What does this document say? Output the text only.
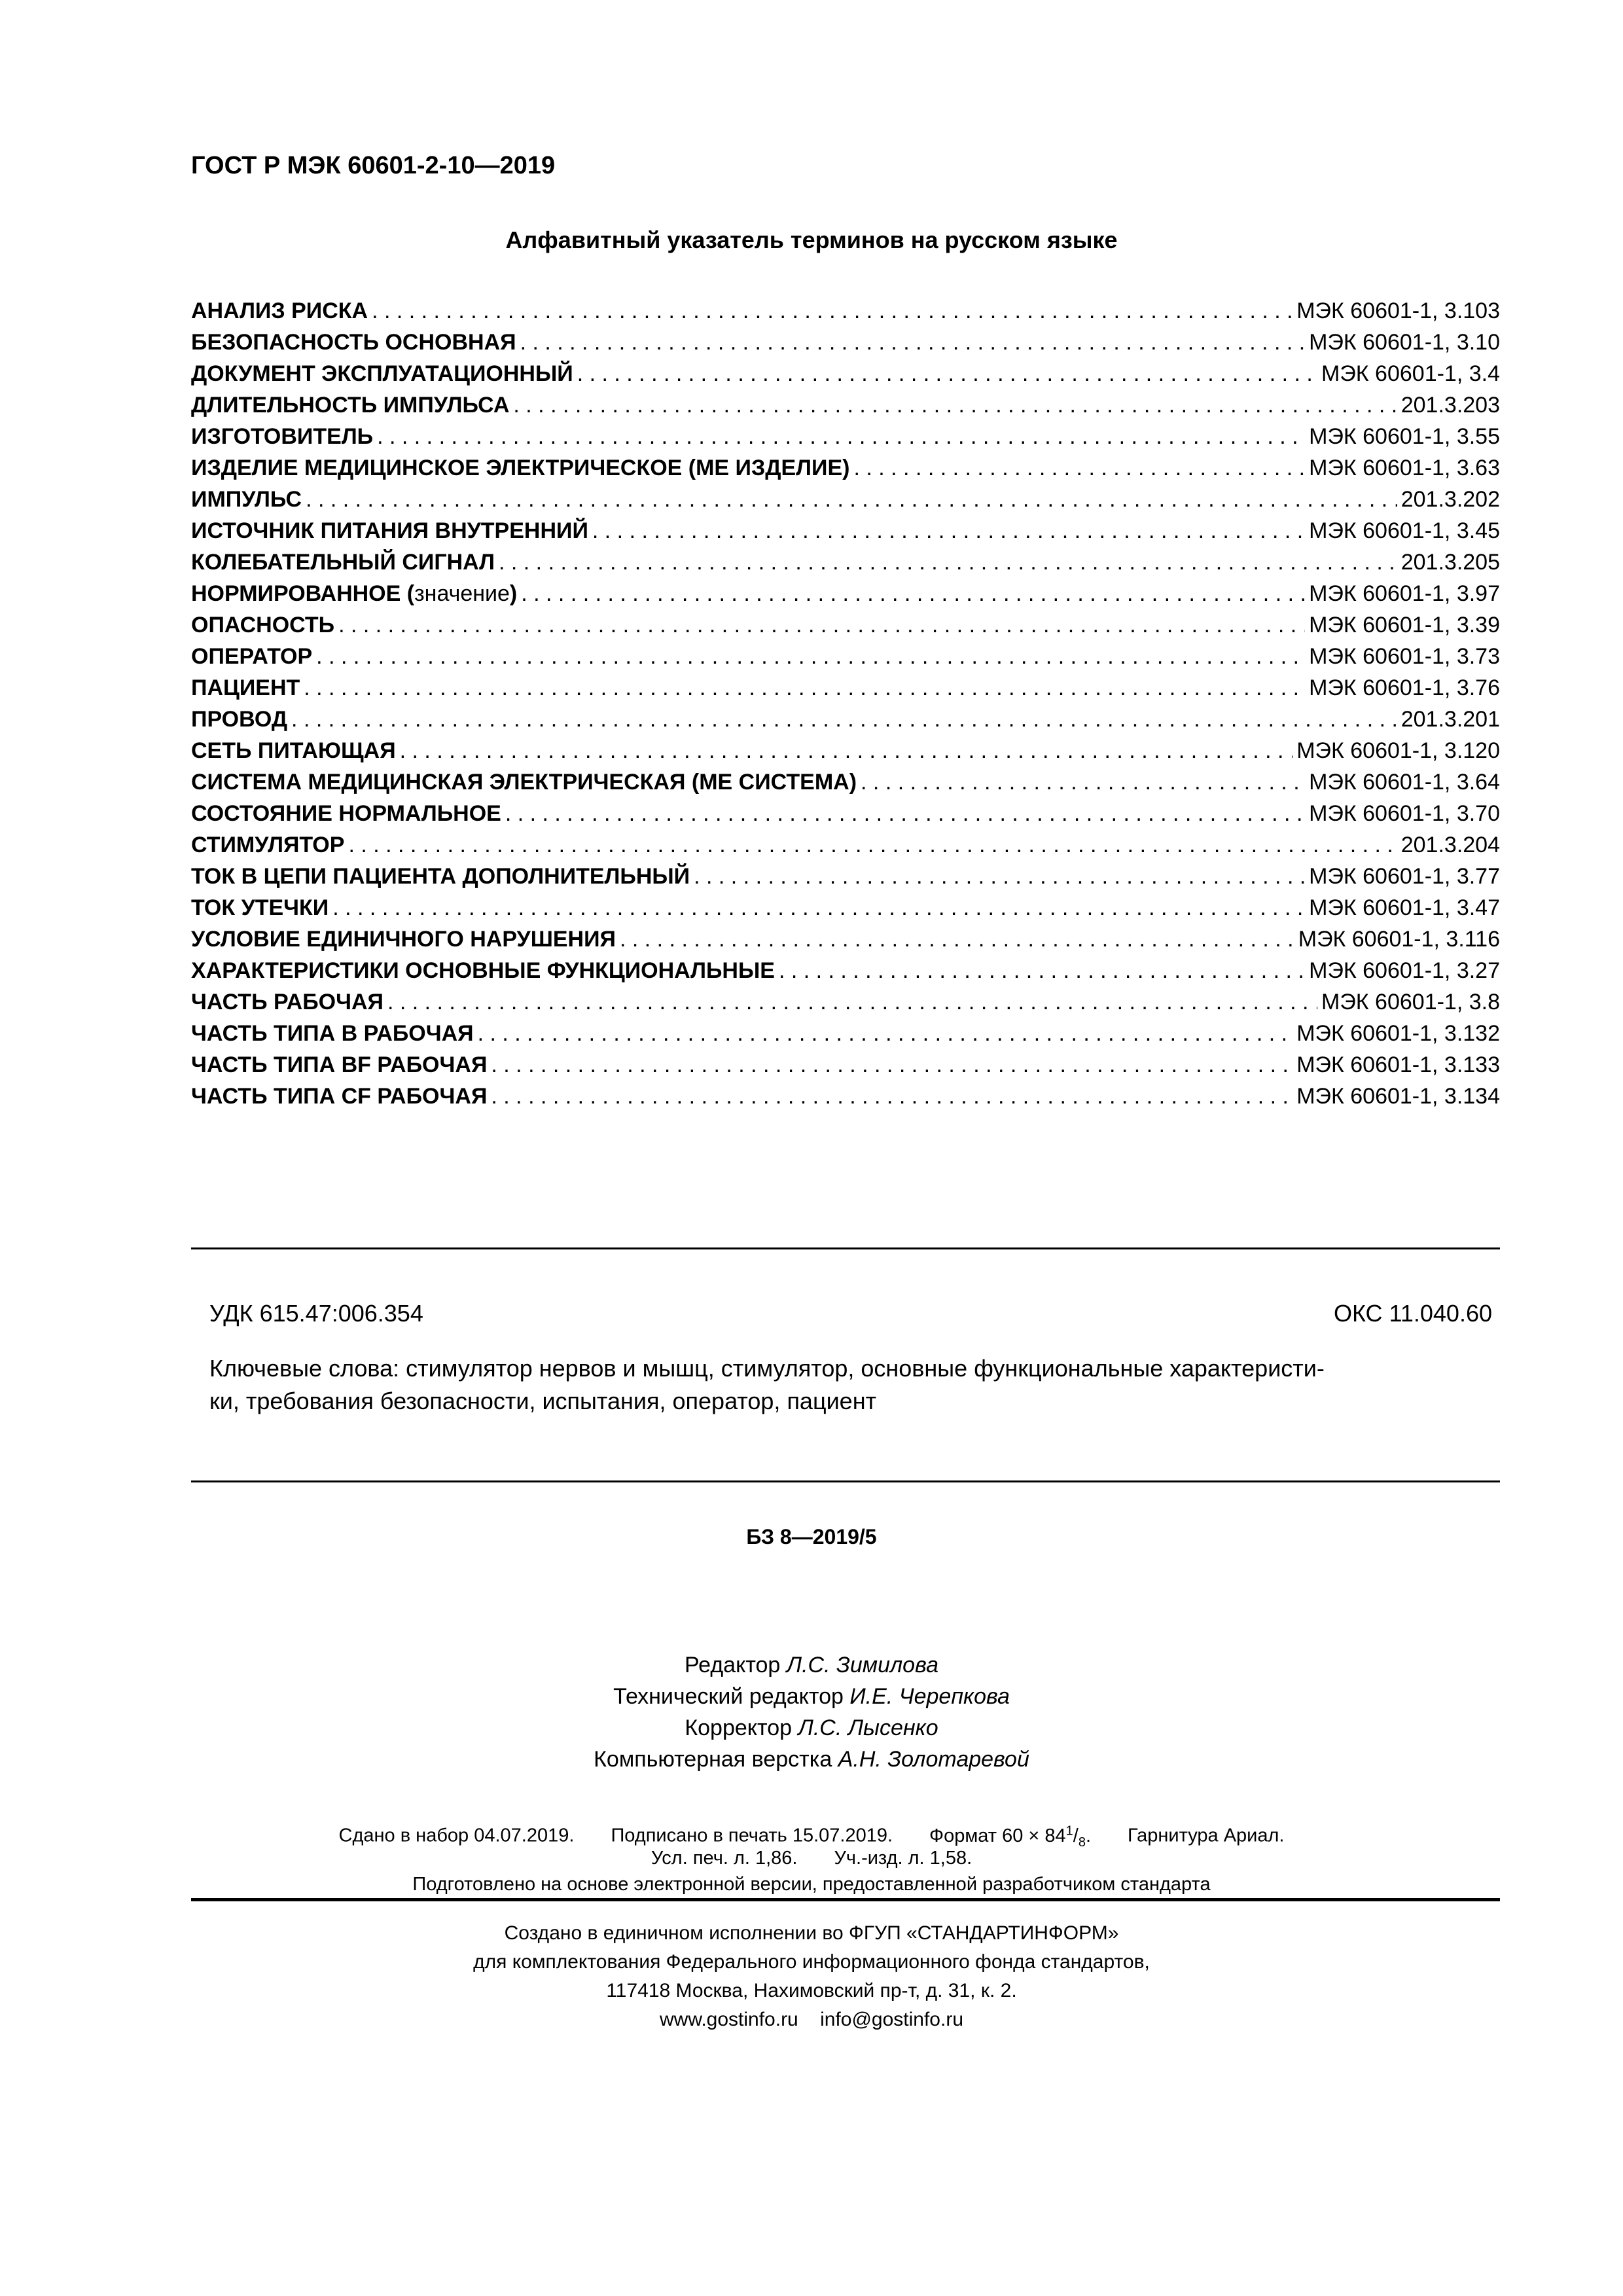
ГОСТ Р МЭК 60601-2-10—2019
Алфавитный указатель терминов на русском языке
АНАЛИЗ РИСКА . . .	МЭК 60601-1, 3.103
БЕЗОПАСНОСТЬ ОСНОВНАЯ . . .	МЭК 60601-1, 3.10
ДОКУМЕНТ ЭКСПЛУАТАЦИОННЫЙ . . .	МЭК 60601-1, 3.4
ДЛИТЕЛЬНОСТЬ ИМПУЛЬСА . . .	201.3.203
ИЗГОТОВИТЕЛЬ . . .	МЭК 60601-1, 3.55
ИЗДЕЛИЕ МЕДИЦИНСКОЕ ЭЛЕКТРИЧЕСКОЕ (МЕ ИЗДЕЛИЕ) . . .	МЭК 60601-1, 3.63
ИМПУЛЬС . . .	201.3.202
ИСТОЧНИК ПИТАНИЯ ВНУТРЕННИЙ . . .	МЭК 60601-1, 3.45
КОЛЕБАТЕЛЬНЫЙ СИГНАЛ . . .	201.3.205
НОРМИРОВАННОЕ (значение) . . .	МЭК 60601-1, 3.97
ОПАСНОСТЬ . . .	МЭК 60601-1, 3.39
ОПЕРАТОР . . .	МЭК 60601-1, 3.73
ПАЦИЕНТ . . .	МЭК 60601-1, 3.76
ПРОВОД . . .	201.3.201
СЕТЬ ПИТАЮЩАЯ . . .	МЭК 60601-1, 3.120
СИСТЕМА МЕДИЦИНСКАЯ ЭЛЕКТРИЧЕСКАЯ (МЕ СИСТЕМА) . . .	МЭК 60601-1, 3.64
СОСТОЯНИЕ НОРМАЛЬНОЕ . . .	МЭК 60601-1, 3.70
СТИМУЛЯТОР . . .	201.3.204
ТОК В ЦЕПИ ПАЦИЕНТА ДОПОЛНИТЕЛЬНЫЙ . . .	МЭК 60601-1, 3.77
ТОК УТЕЧКИ . . .	МЭК 60601-1, 3.47
УСЛОВИЕ ЕДИНИЧНОГО НАРУШЕНИЯ . . .	МЭК 60601-1, 3.116
ХАРАКТЕРИСТИКИ ОСНОВНЫЕ ФУНКЦИОНАЛЬНЫЕ . . .	МЭК 60601-1, 3.27
ЧАСТЬ РАБОЧАЯ . . .	МЭК 60601-1, 3.8
ЧАСТЬ ТИПА В РАБОЧАЯ . . .	МЭК 60601-1, 3.132
ЧАСТЬ ТИПА BF РАБОЧАЯ . . .	МЭК 60601-1, 3.133
ЧАСТЬ ТИПА CF РАБОЧАЯ . . .	МЭК 60601-1, 3.134
УДК 615.47:006.354	ОКС 11.040.60
Ключевые слова: стимулятор нервов и мышц, стимулятор, основные функциональные характеристи-
ки, требования безопасности, испытания, оператор, пациент
БЗ 8—2019/5
Редактор Л.С. Зимилова
Технический редактор И.Е. Черепкова
Корректор Л.С. Лысенко
Компьютерная верстка А.Н. Золотаревой
Сдано в набор 04.07.2019. Подписано в печать 15.07.2019. Формат $60 \times 84^1/_8$. Гарнитура Ариал.
Усл. печ. л. 1,86. Уч.-изд. л. 1,58.
Подготовлено на основе электронной версии, предоставленной разработчиком стандарта
Создано в единичном исполнении во ФГУП «СТАНДАРТИНФОРМ»
для комплектования Федерального информационного фонда стандартов,
117418 Москва, Нахимовский пр-т, д. 31, к. 2.
www.gostinfo.ru info@gostinfo.ru
